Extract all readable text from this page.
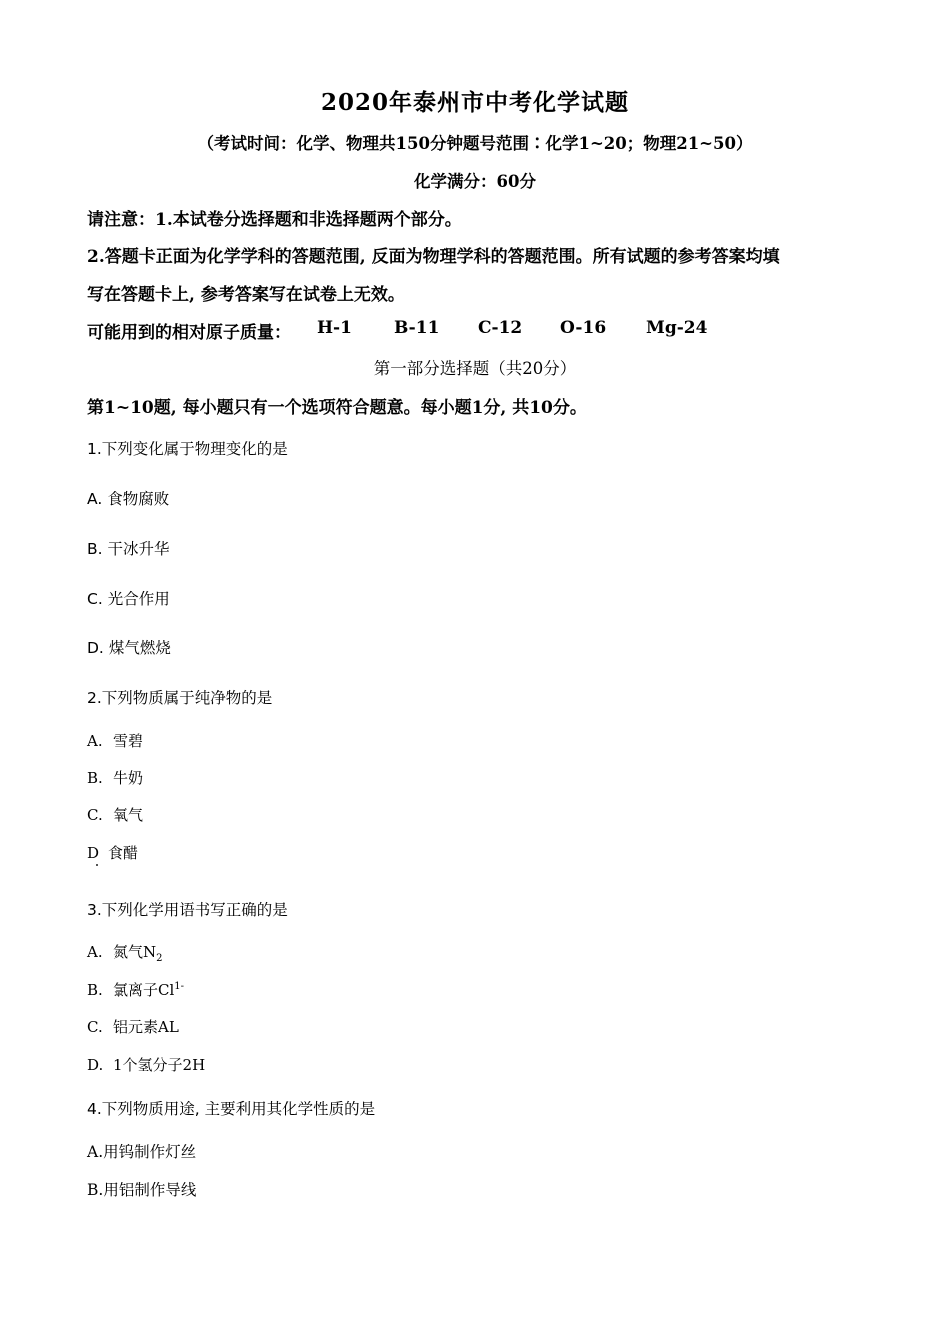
2020年泰州市中考化学试题
（考试时间：化学、物理共150分钟题号范围∶化学1~20；物理21~50）
化学满分：60分
请注意：1.本试卷分选择题和非选择题两个部分。
2.答题卡正面为化学学科的答题范围, 反面为物理学科的答题范围。所有试题的参考答案均填
写在答题卡上, 参考答案写在试卷上无效。
可能用到的相对原子质量： H-1 B-11 C-12 O-16 Mg-24
第一部分选择题（共20分）
第1~10题, 每小题只有一个选项符合题意。每小题1分, 共10分。
1.下列变化属于物理变化的是
A. 食物腐败
B. 干冰升华
C. 光合作用
D. 煤气燃烧
2.下列物质属于纯净物的是
A. 雪碧
B. 牛奶
C. 氧气
D 食醋
3.下列化学用语书写正确的是
A. 氮气$N_2$
B. 氯离子$Cl^{1-}$
C. 铝元素AL
D. 1个氢分子2H
4.下列物质用途, 主要利用其化学性质的是
A.用钨制作灯丝
B.用铝制作导线
